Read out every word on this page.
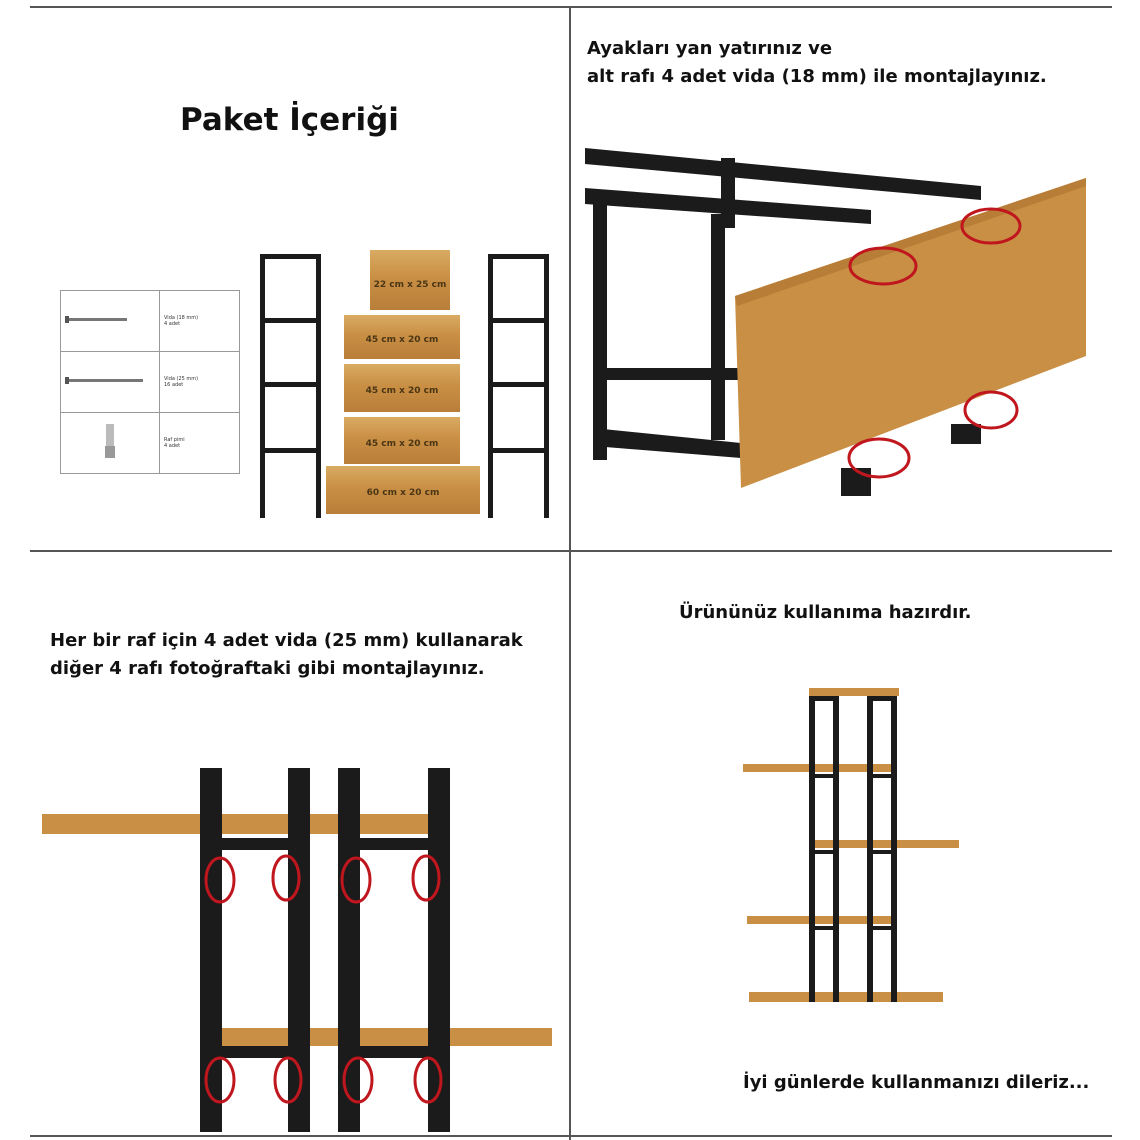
Paket İçeriği

Vida (18 mm)
4 adet

Vida (25 mm)
16 adet

Raf pimi
4 adet
22 cm x 25 cm
45 cm x 20 cm
45 cm x 20 cm
45 cm x 20 cm
60 cm x 20 cm
Ayakları yan yatırınız ve
alt rafı 4 adet vida (18 mm) ile montajlayınız.
Her bir raf için 4 adet vida (25 mm) kullanarak
diğer 4 rafı fotoğraftaki gibi montajlayınız.
Ürününüz kullanıma hazırdır.
İyi günlerde kullanmanızı dileriz...
